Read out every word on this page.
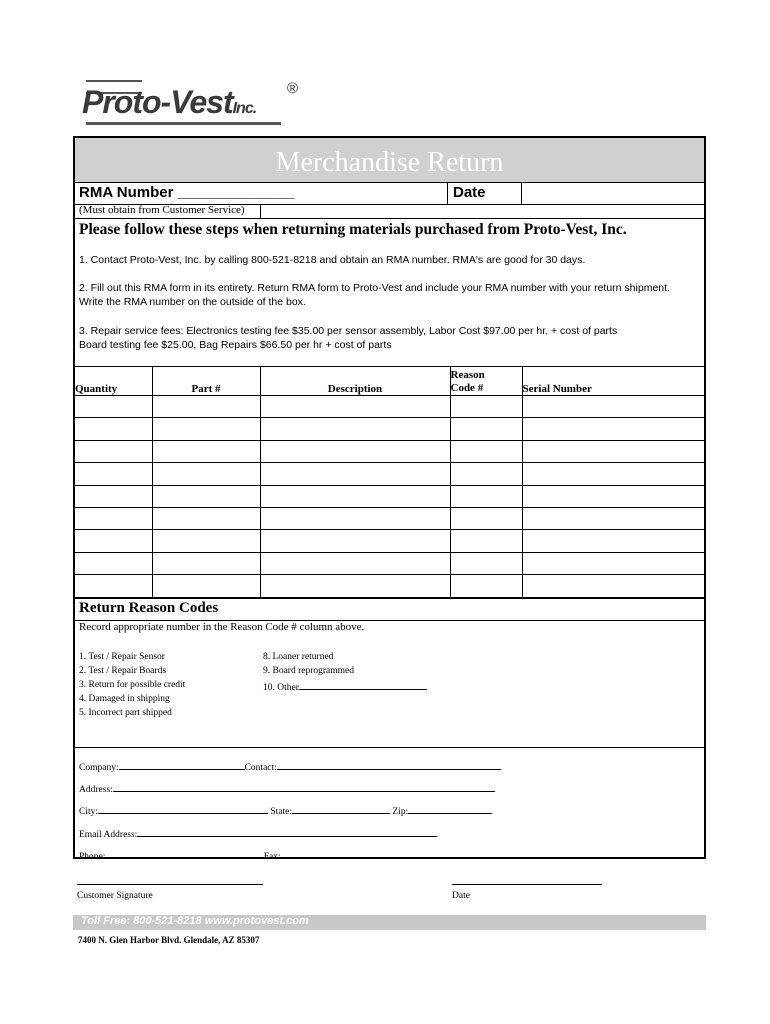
Proto-VestInc.
®
Merchandise Return
RMA Number ______________	Date
(Must obtain from Customer Service)
Please follow these steps when returning materials purchased from Proto-Vest, Inc.
1. Contact Proto-Vest, Inc. by calling 800-521-8218 and obtain an RMA number. RMA's are good for 30 days.
2. Fill out this RMA form in its entirety. Return RMA form to Proto-Vest and include your RMA number with your return shipment. Write the RMA number on the outside of the box.
3. Repair service fees: Electronics testing fee $35.00 per sensor assembly, Labor Cost $97.00 per hr. + cost of parts
Board testing fee $25.00, Bag Repairs $66.50 per hr + cost of parts
Quantity	Part #	Description	Reason
Code #	Serial Number

Return Reason Codes
Record appropriate number in the Reason Code # column above.
1. Test / Repair Sensor
2. Test / Repair Boards
3. Return for possible credit
4. Damaged in shipping
5. Incorrect part shipped
8. Loaner returned
9. Board reprogrammed
10. Other
Company:	Contact:
Address:
City:	State:	Zip:
Email Address:
Phone:	Fax:
Customer Signature	Date
Toll Free: 800-521-8218 www.protovest.com
7400 N. Glen Harbor Blvd. Glendale, AZ 85307
